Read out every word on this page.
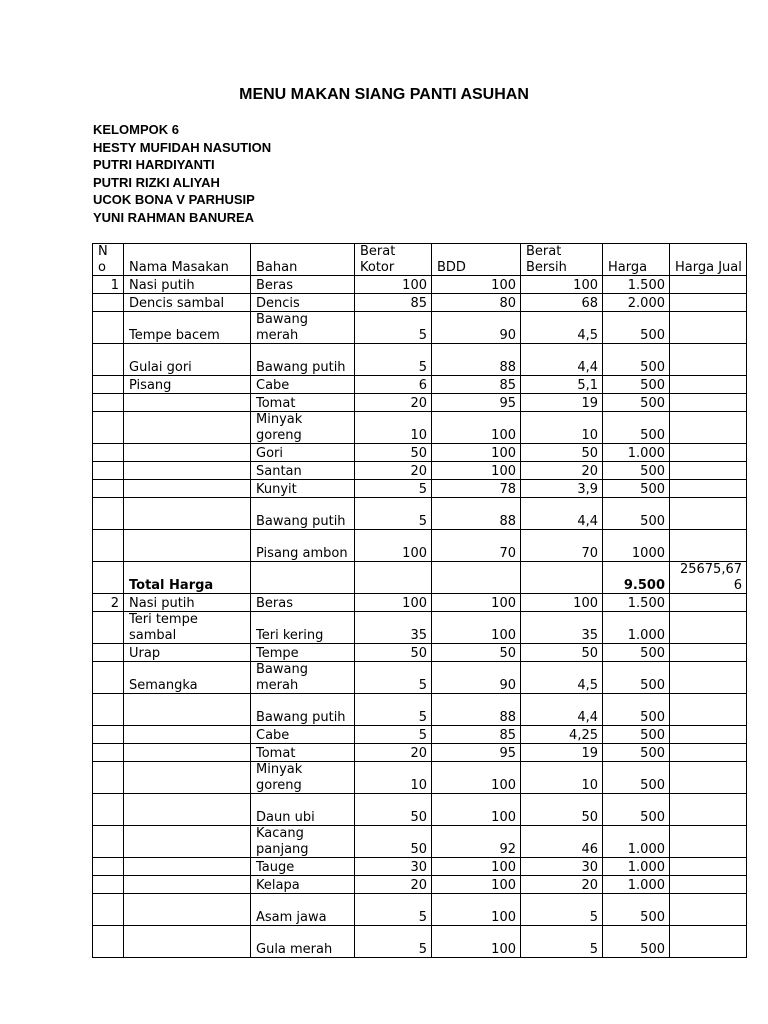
MENU MAKAN SIANG PANTI ASUHAN
KELOMPOK 6
HESTY MUFIDAH NASUTION
PUTRI HARDIYANTI
PUTRI RIZKI ALIYAH
UCOK BONA V PARHUSIP
YUNI RAHMAN BANUREA
N o	Nama Masakan	Bahan	Berat Kotor	BDD	Berat Bersih	Harga	Harga Jual
1	Nasi putih	Beras	100	100	100	1.500	
	Dencis sambal	Dencis	85	80	68	2.000	
	Tempe bacem	Bawang merah	5	90	4,5	500	
	Gulai gori	Bawang putih	5	88	4,4	500	
	Pisang	Cabe	6	85	5,1	500	
		Tomat	20	95	19	500	
		Minyak goreng	10	100	10	500	
		Gori	50	100	50	1.000	
		Santan	20	100	20	500	
		Kunyit	5	78	3,9	500	
		Bawang putih	5	88	4,4	500	
		Pisang ambon	100	70	70	1000	
	Total Harga					9.500	25675,676
2	Nasi putih	Beras	100	100	100	1.500	
	Teri tempe sambal	Teri kering	35	100	35	1.000	
	Urap	Tempe	50	50	50	500	
	Semangka	Bawang merah	5	90	4,5	500	
		Bawang putih	5	88	4,4	500	
		Cabe	5	85	4,25	500	
		Tomat	20	95	19	500	
		Minyak goreng	10	100	10	500	
		Daun ubi	50	100	50	500	
		Kacang panjang	50	92	46	1.000	
		Tauge	30	100	30	1.000	
		Kelapa	20	100	20	1.000	
		Asam jawa	5	100	5	500	
		Gula merah	5	100	5	500	
